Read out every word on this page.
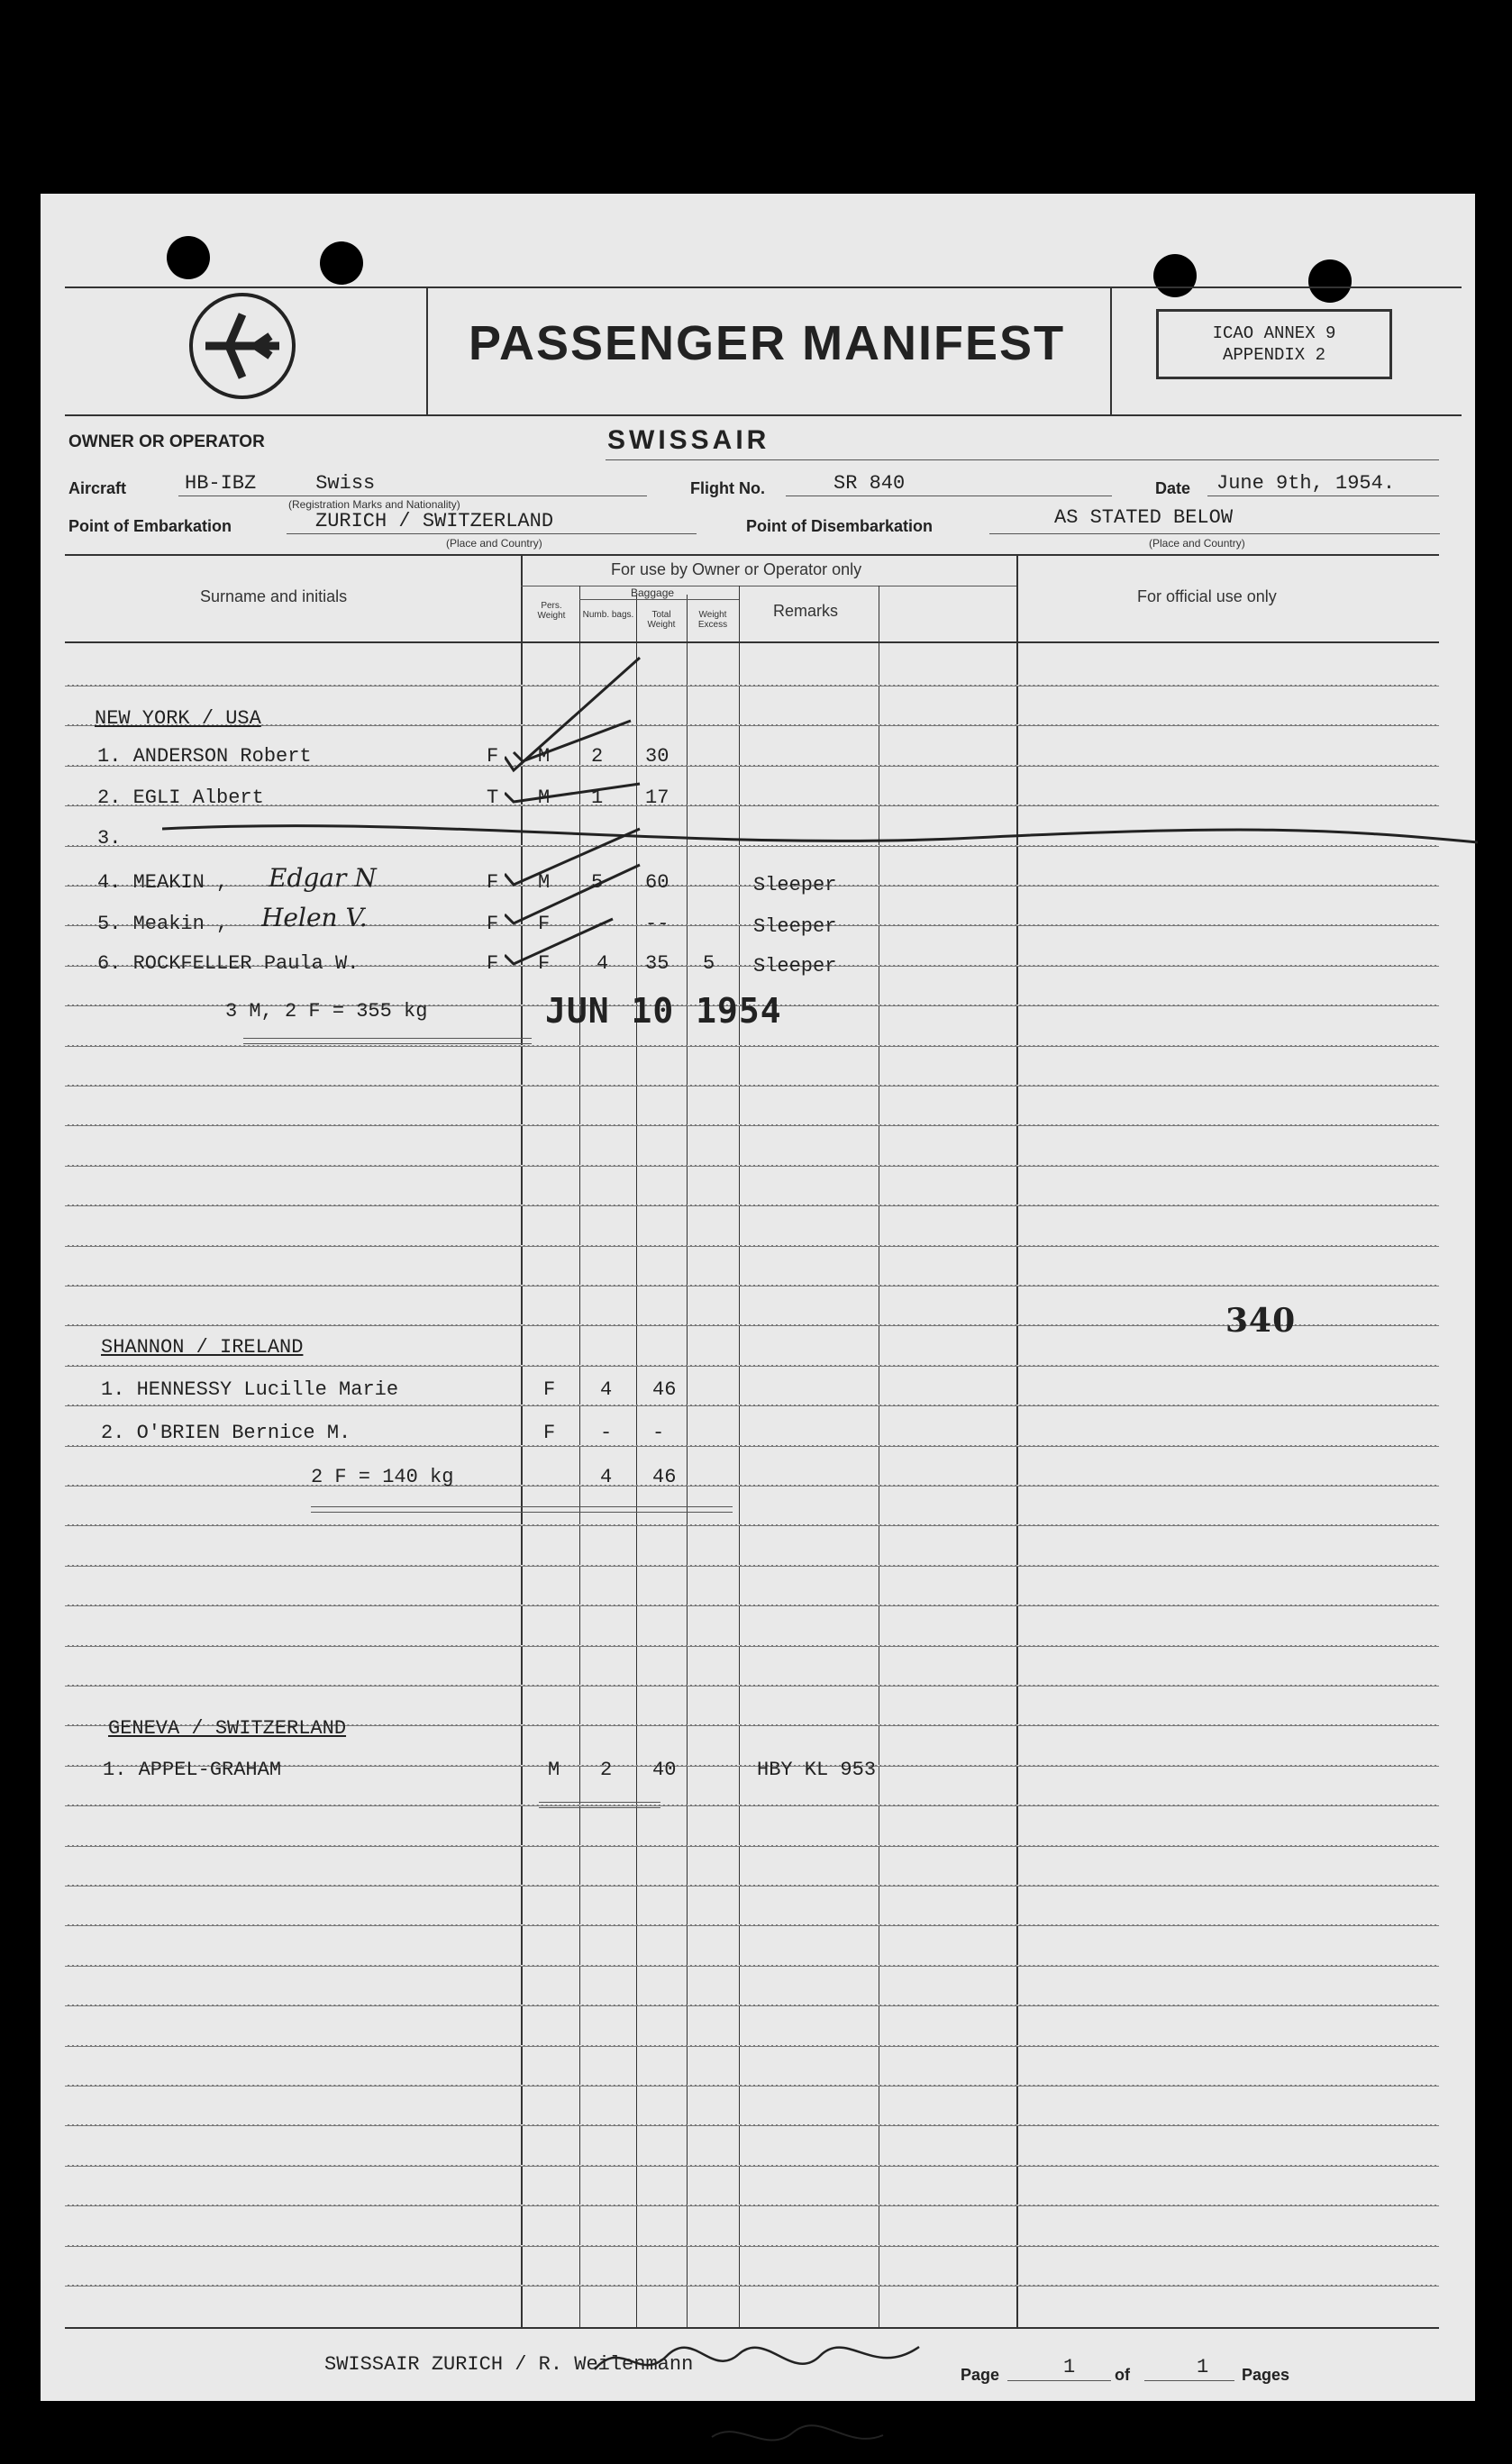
PASSENGER MANIFEST	ICAO ANNEX 9
APPENDIX 2
OWNER OR OPERATOR	SWISSAIR
Aircraft	HB-IBZ     Swiss
(Registration Marks and Nationality)
Flight No.	SR 840	Date June 9th, 1954.
Point of Embarkation	ZURICH / SWITZERLAND
(Place and Country)
Point of Disembarkation	AS STATED BELOW
(Place and Country)
Surname and initials
For use by Owner or Operator only
Baggage
Pers. Weight	Numb. bags.	Total Weight
Weight Excess
Remarks
For official use only
NEW YORK / USA
1. ANDERSON Robert	F M 2 30
2. EGLI Albert	T M 1 17
3.
4. MEAKIN , Edgar N	F M 5 60	Sleeper
5. Meakin , Helen V.	F F - --	Sleeper
6. ROCKFELLER Paula W.	F F 4 35 5 Sleeper
3 M, 2 F = 355 kg	JUN 10 1954
340
SHANNON / IRELAND
1. HENNESSY Lucille Marie	F 4 46
2. O'BRIEN Bernice M.	F - -
2 F = 140 kg	4 46
GENEVA / SWITZERLAND
1. APPEL-GRAHAM	M 2 40	HBY KL 953
SWISSAIR ZURICH / R. Weilenmann	Page	1 of	1 Pages
